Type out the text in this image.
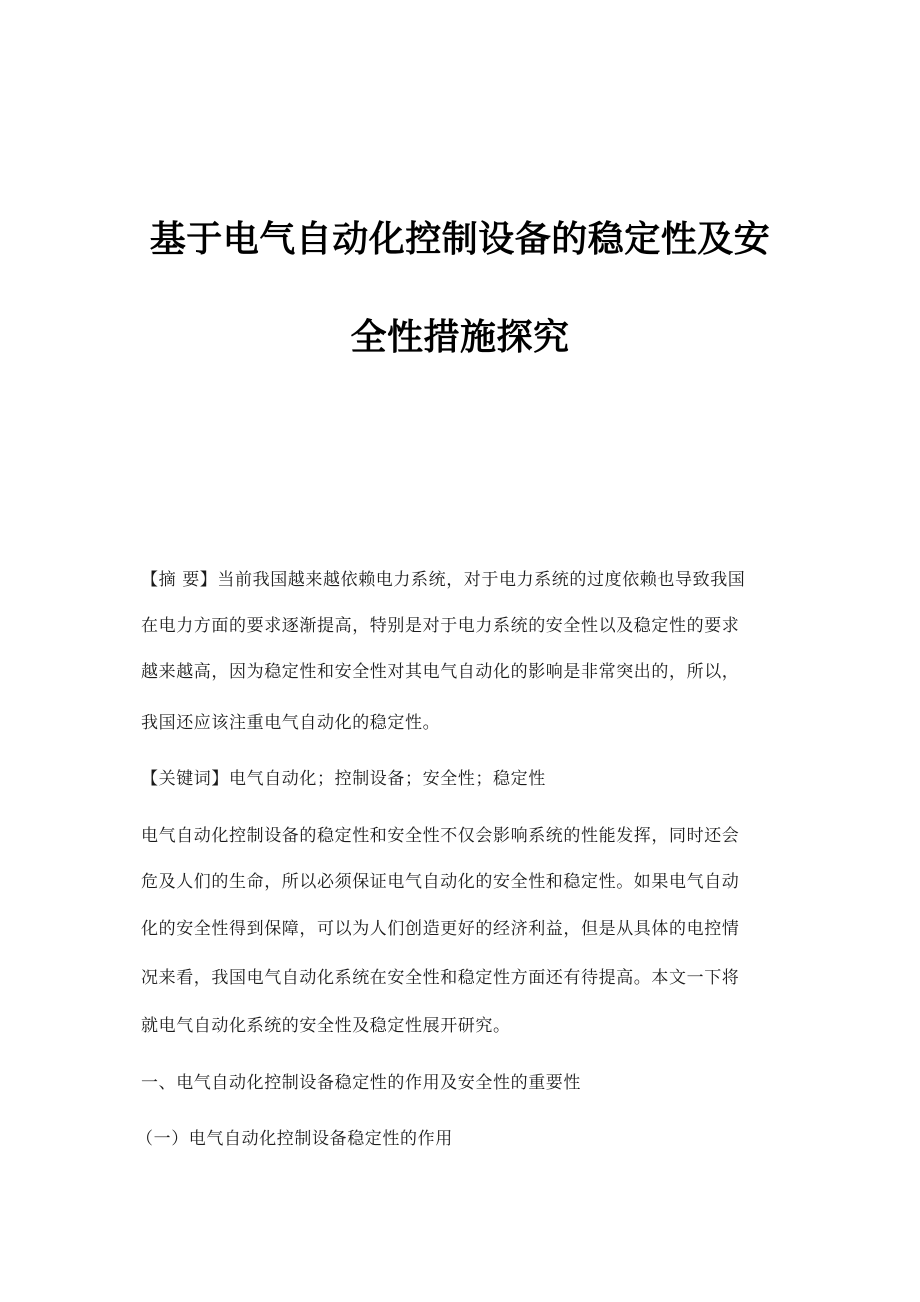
基于电气自动化控制设备的稳定性及安
全性措施探究
【摘 要】当前我国越来越依赖电力系统，对于电力系统的过度依赖也导致我国
在电力方面的要求逐渐提高，特别是对于电力系统的安全性以及稳定性的要求
越来越高，因为稳定性和安全性对其电气自动化的影响是非常突出的，所以，
我国还应该注重电气自动化的稳定性。
【关键词】电气自动化；控制设备；安全性；稳定性
电气自动化控制设备的稳定性和安全性不仅会影响系统的性能发挥，同时还会
危及人们的生命，所以必须保证电气自动化的安全性和稳定性。如果电气自动
化的安全性得到保障，可以为人们创造更好的经济利益，但是从具体的电控情
况来看，我国电气自动化系统在安全性和稳定性方面还有待提高。本文一下将
就电气自动化系统的安全性及稳定性展开研究。
一、电气自动化控制设备稳定性的作用及安全性的重要性
（一）电气自动化控制设备稳定性的作用
